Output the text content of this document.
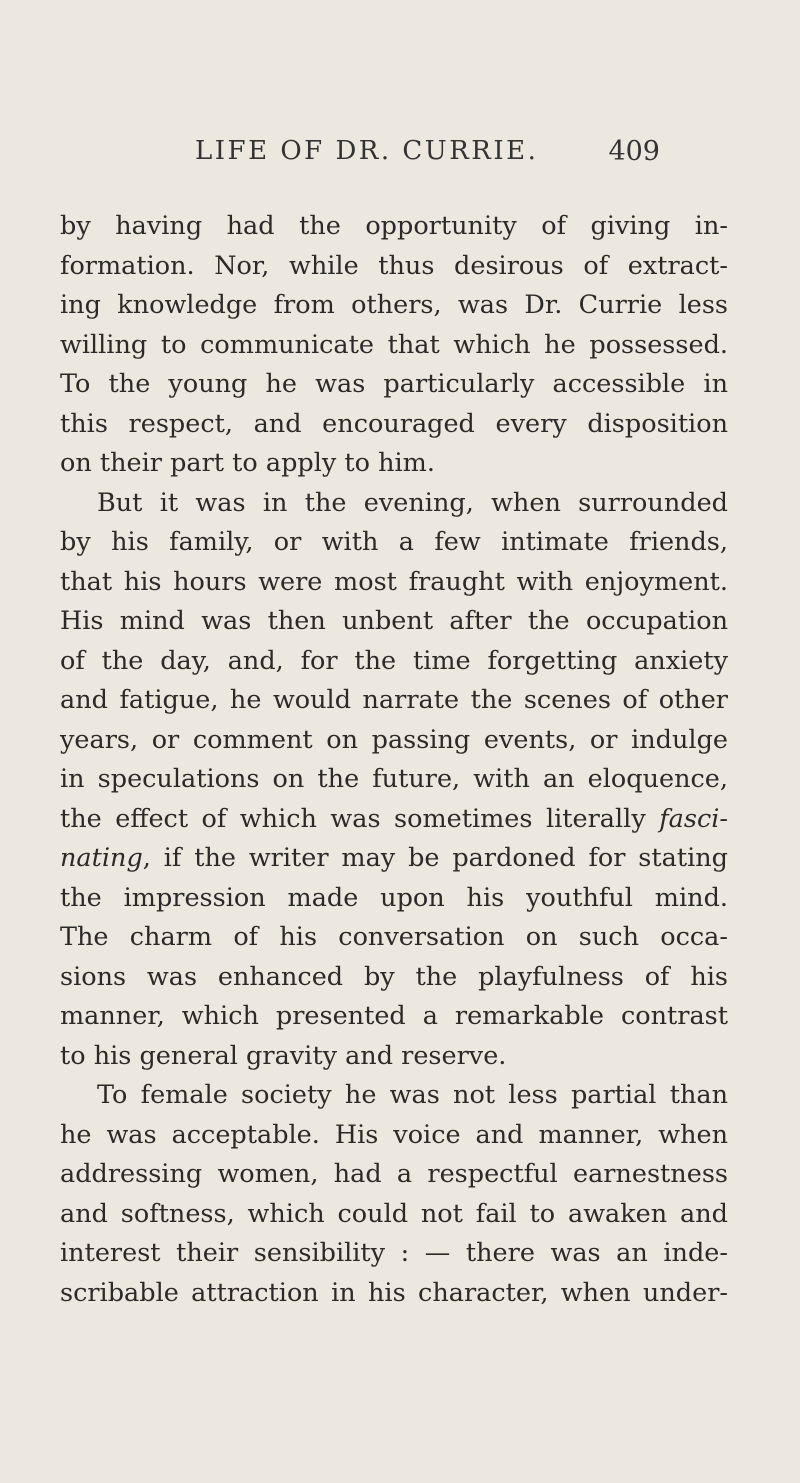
LIFE OF DR. CURRIE.	409
by having had the opportunity of giving in-
formation. Nor, while thus desirous of extract-
ing knowledge from others, was Dr. Currie less
willing to communicate that which he possessed.
To the young he was particularly accessible in
this respect, and encouraged every disposition
on their part to apply to him.
But it was in the evening, when surrounded
by his family, or with a few intimate friends,
that his hours were most fraught with enjoyment.
His mind was then unbent after the occupation
of the day, and, for the time forgetting anxiety
and fatigue, he would narrate the scenes of other
years, or comment on passing events, or indulge
in speculations on the future, with an eloquence,
the effect of which was sometimes literally fasci-
nating, if the writer may be pardoned for stating
the impression made upon his youthful mind.
The charm of his conversation on such occa-
sions was enhanced by the playfulness of his
manner, which presented a remarkable contrast
to his general gravity and reserve.
To female society he was not less partial than
he was acceptable. His voice and manner, when
addressing women, had a respectful earnestness
and softness, which could not fail to awaken and
interest their sensibility : — there was an inde-
scribable attraction in his character, when under-
